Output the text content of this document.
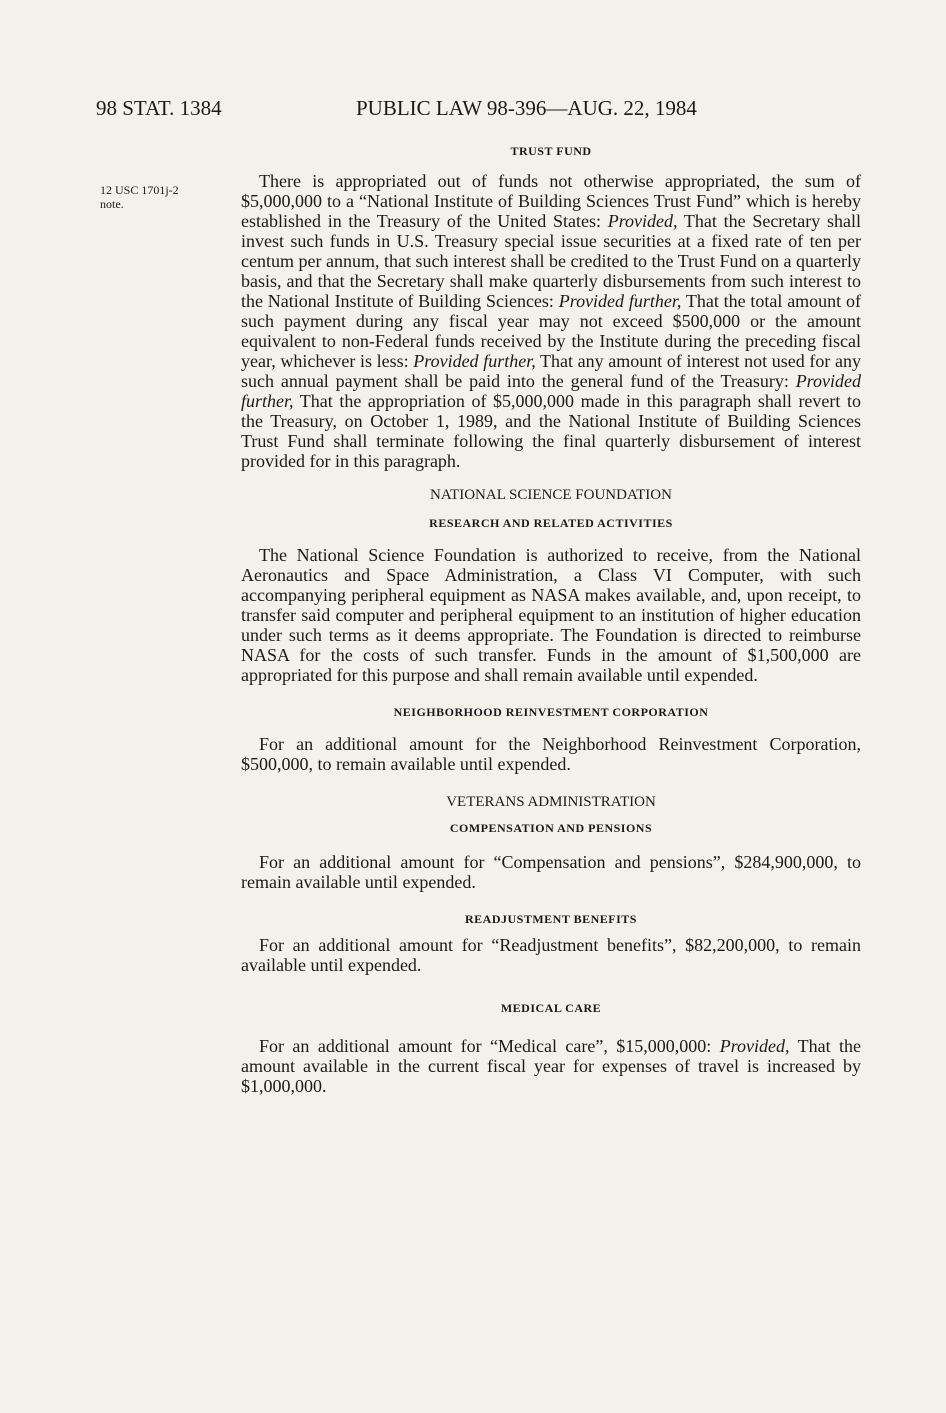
98 STAT. 1384	PUBLIC LAW 98-396—AUG. 22, 1984
12 USC 1701j-2
note.

TRUST FUND

There is appropriated out of funds not otherwise appropriated, the sum of $5,000,000 to a “National Institute of Building Sciences Trust Fund” which is hereby established in the Treasury of the United States: Provided, That the Secretary shall invest such funds in U.S. Treasury special issue securities at a fixed rate of ten per centum per annum, that such interest shall be credited to the Trust Fund on a quarterly basis, and that the Secretary shall make quarterly disbursements from such interest to the National Institute of Building Sciences: Provided further, That the total amount of such payment during any fiscal year may not exceed $500,000 or the amount equivalent to non-Federal funds received by the Institute during the preceding fiscal year, whichever is less: Provided further, That any amount of interest not used for any such annual payment shall be paid into the general fund of the Treasury: Provided further, That the appropriation of $5,000,000 made in this paragraph shall revert to the Treasury, on October 1, 1989, and the National Institute of Building Sciences Trust Fund shall terminate following the final quarterly disbursement of interest provided for in this paragraph.

NATIONAL SCIENCE FOUNDATION

RESEARCH AND RELATED ACTIVITIES

The National Science Foundation is authorized to receive, from the National Aeronautics and Space Administration, a Class VI Computer, with such accompanying peripheral equipment as NASA makes available, and, upon receipt, to transfer said computer and peripheral equipment to an institution of higher education under such terms as it deems appropriate. The Foundation is directed to reimburse NASA for the costs of such transfer. Funds in the amount of $1,500,000 are appropriated for this purpose and shall remain available until expended.

NEIGHBORHOOD REINVESTMENT CORPORATION

For an additional amount for the Neighborhood Reinvestment Corporation, $500,000, to remain available until expended.

VETERANS ADMINISTRATION

COMPENSATION AND PENSIONS

For an additional amount for “Compensation and pensions”, $284,900,000, to remain available until expended.

READJUSTMENT BENEFITS

For an additional amount for “Readjustment benefits”, $82,200,000, to remain available until expended.

MEDICAL CARE

For an additional amount for “Medical care”, $15,000,000: Provided, That the amount available in the current fiscal year for expenses of travel is increased by $1,000,000.
